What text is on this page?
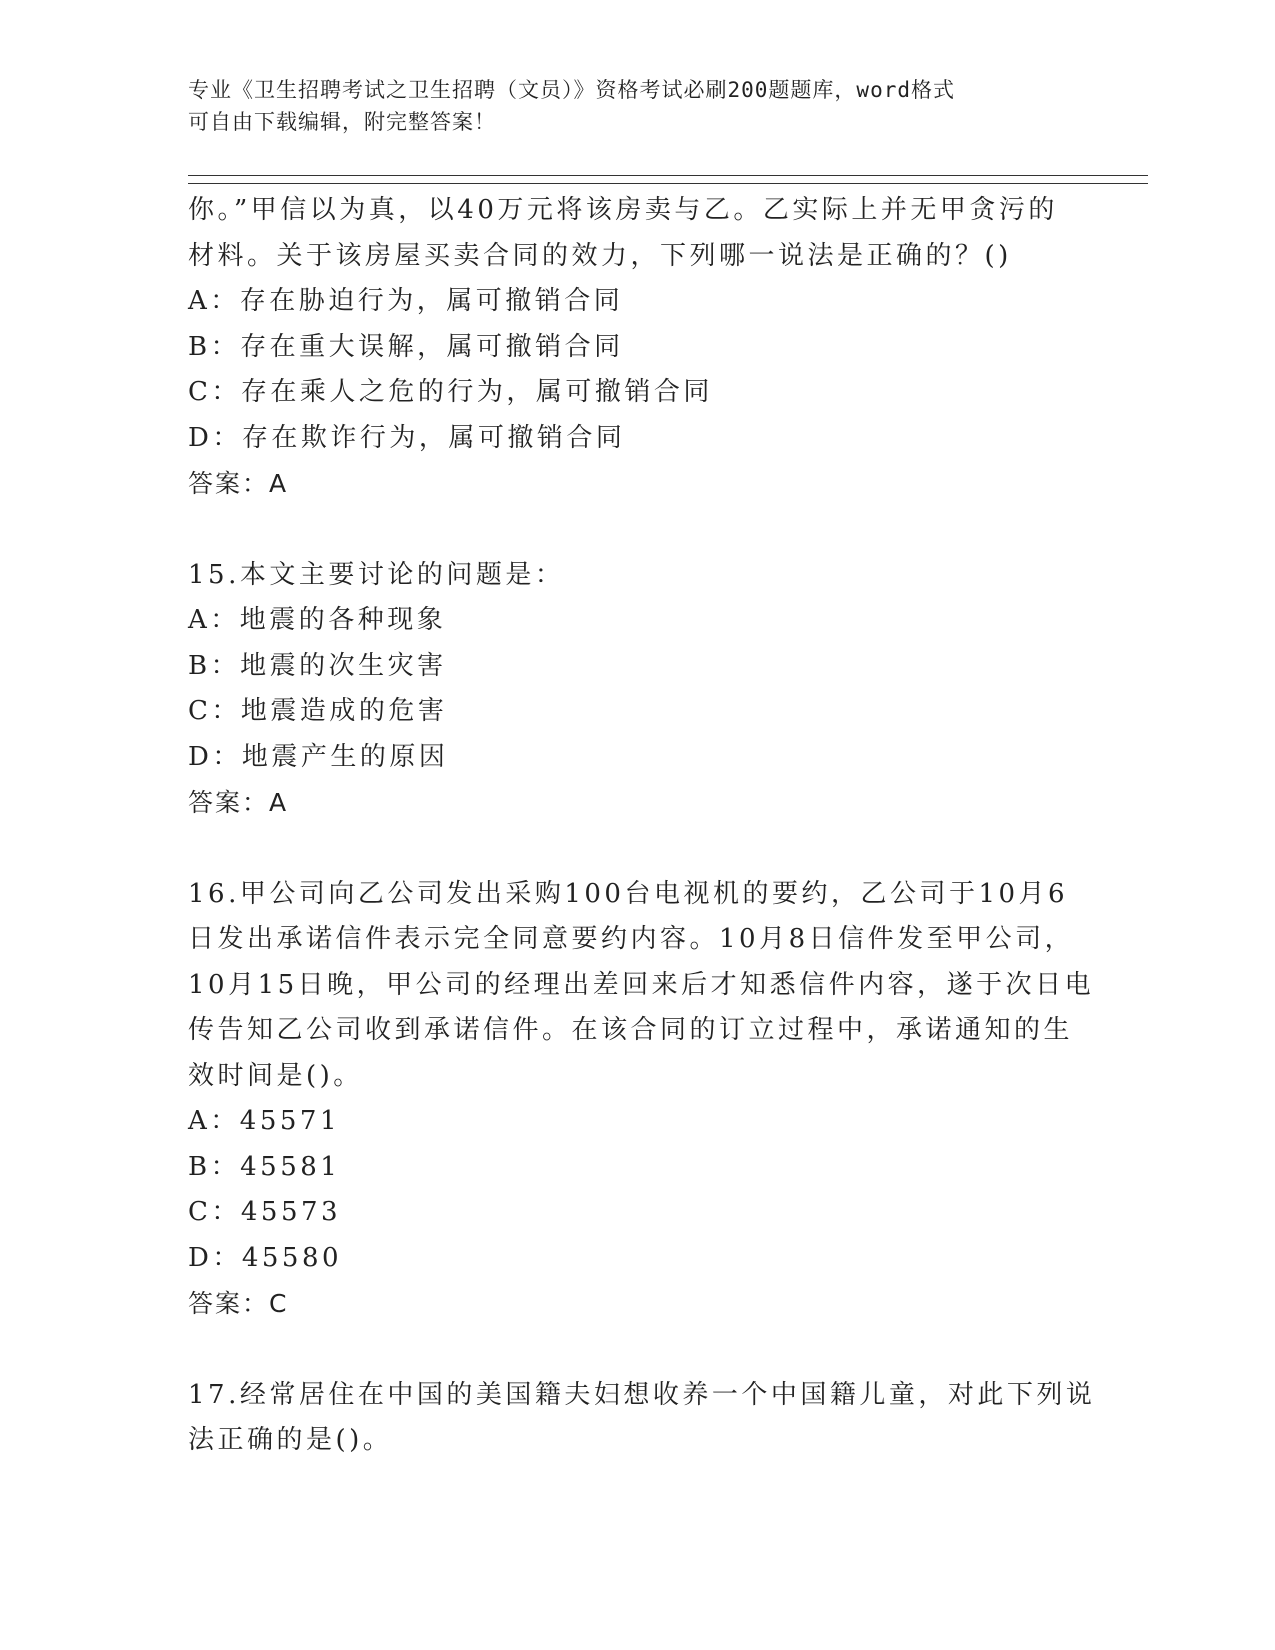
专业《卫生招聘考试之卫生招聘（文员）》资格考试必刷200题题库，word格式
可自由下载编辑，附完整答案！
你。”甲信以为真，以40万元将该房卖与乙。乙实际上并无甲贪污的
材料。关于该房屋买卖合同的效力，下列哪一说法是正确的？()
A：存在胁迫行为，属可撤销合同
B：存在重大误解，属可撤销合同
C：存在乘人之危的行为，属可撤销合同
D：存在欺诈行为，属可撤销合同
答案：A
15.本文主要讨论的问题是：
A：地震的各种现象
B：地震的次生灾害
C：地震造成的危害
D：地震产生的原因
答案：A
16.甲公司向乙公司发出采购100台电视机的要约，乙公司于10月6
日发出承诺信件表示完全同意要约内容。10月8日信件发至甲公司，
10月15日晚，甲公司的经理出差回来后才知悉信件内容，遂于次日电
传告知乙公司收到承诺信件。在该合同的订立过程中，承诺通知的生
效时间是()。
A：45571
B：45581
C：45573
D：45580
答案：C
17.经常居住在中国的美国籍夫妇想收养一个中国籍儿童，对此下列说
法正确的是()。
